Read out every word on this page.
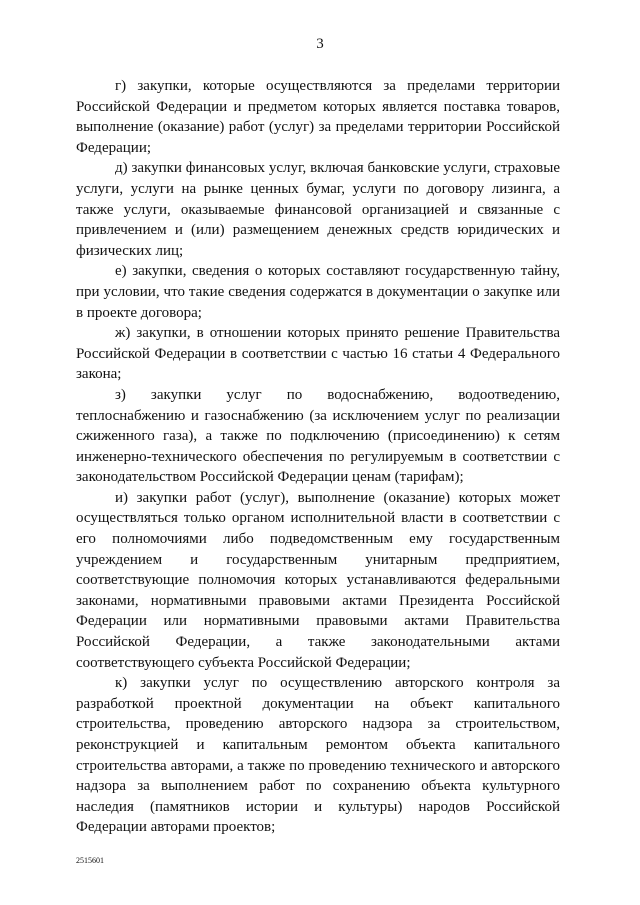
3

г) закупки, которые осуществляются за пределами территории Российской Федерации и предметом которых является поставка товаров, выполнение (оказание) работ (услуг) за пределами территории Российской Федерации;

д) закупки финансовых услуг, включая банковские услуги, страховые услуги, услуги на рынке ценных бумаг, услуги по договору лизинга, а также услуги, оказываемые финансовой организацией и связанные с привлечением и (или) размещением денежных средств юридических и физических лиц;

е) закупки, сведения о которых составляют государственную тайну, при условии, что такие сведения содержатся в документации о закупке или в проекте договора;

ж) закупки, в отношении которых принято решение Правительства Российской Федерации в соответствии с частью 16 статьи 4 Федерального закона;

з) закупки услуг по водоснабжению, водоотведению, теплоснабжению и газоснабжению (за исключением услуг по реализации сжиженного газа), а также по подключению (присоединению) к сетям инженерно-технического обеспечения по регулируемым в соответствии с законодательством Российской Федерации ценам (тарифам);

и) закупки работ (услуг), выполнение (оказание) которых может осуществляться только органом исполнительной власти в соответствии с его полномочиями либо подведомственным ему государственным учреждением и государственным унитарным предприятием, соответствующие полномочия которых устанавливаются федеральными законами, нормативными правовыми актами Президента Российской Федерации или нормативными правовыми актами Правительства Российской Федерации, а также законодательными актами соответствующего субъекта Российской Федерации;

к) закупки услуг по осуществлению авторского контроля за разработкой проектной документации на объект капитального строительства, проведению авторского надзора за строительством, реконструкцией и капитальным ремонтом объекта капитального строительства авторами, а также по проведению технического и авторского надзора за выполнением работ по сохранению объекта культурного наследия (памятников истории и культуры) народов Российской Федерации авторами проектов;

2515601
